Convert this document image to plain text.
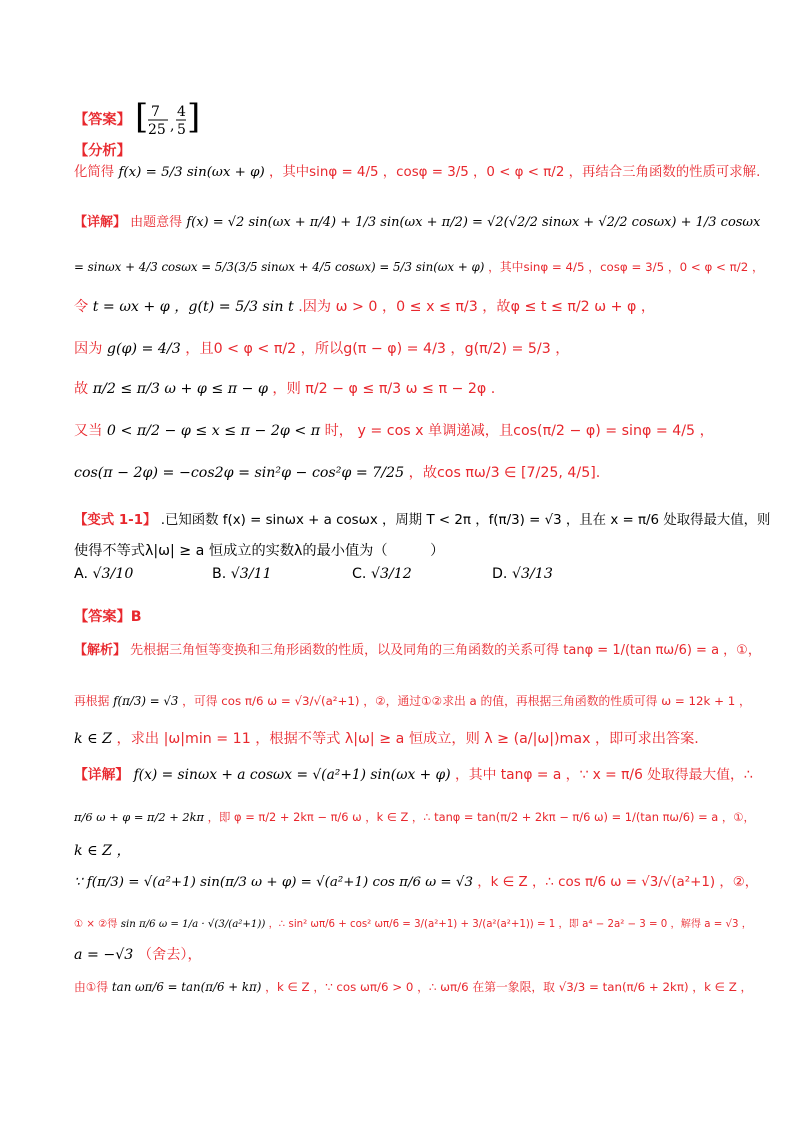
【答案】 [ 7
25 ,
4
5 ]
【分析】
化简得 f(x) = 5/3 sin(ωx + φ) ，其中sinφ = 4/5 ，cosφ = 3/5 ，0 < φ < π/2 ，再结合三角函数的性质可求解.
【详解】 由题意得 f(x) = √2 sin(ωx + π/4) + 1/3 sin(ωx + π/2) = √2(√2/2 sinωx + √2/2 cosωx) + 1/3 cosωx
= sinωx + 4/3 cosωx = 5/3(3/5 sinωx + 4/5 cosωx) = 5/3 sin(ωx + φ) ，其中sinφ = 4/5 ，cosφ = 3/5 ，0 < φ < π/2 ，
令 t = ωx + φ ，g(t) = 5/3 sin t .因为 ω > 0 ，0 ≤ x ≤ π/3 ，故φ ≤ t ≤ π/2 ω + φ ，
因为 g(φ) = 4/3 ，且0 < φ < π/2 ，所以g(π − φ) = 4/3 ，g(π/2) = 5/3 ，
故 π/2 ≤ π/3 ω + φ ≤ π − φ ，则 π/2 − φ ≤ π/3 ω ≤ π − 2φ .
又当 0 < π/2 − φ ≤ x ≤ π − 2φ < π 时， y = cos x 单调递减，且cos(π/2 − φ) = sinφ = 4/5 ，
cos(π − 2φ) = −cos2φ = sin²φ − cos²φ = 7/25 ，故cos πω/3 ∈ [7/25, 4/5].
【变式 1-1】 .已知函数 f(x) = sinωx + a cosωx ，周期 T < 2π ，f(π/3) = √3 ，且在 x = π/6 处取得最大值，则
使得不等式λ|ω| ≥ a 恒成立的实数λ的最小值为（　　　）
A. √3/10	B. √3/11	C. √3/12	D. √3/13
【答案】B
【解析】 先根据三角恒等变换和三角形函数的性质，以及同角的三角函数的关系可得 tanφ = 1/(tan πω/6) = a ，①，
再根据 f(π/3) = √3 ，可得 cos π/6 ω = √3/√(a²+1) ，②，通过①②求出 a 的值，再根据三角函数的性质可得 ω = 12k + 1 ，
k ∈ Z ，求出 |ω|min = 11 ，根据不等式 λ|ω| ≥ a 恒成立，则 λ ≥ (a/|ω|)max ，即可求出答案.
【详解】 f(x) = sinωx + a cosωx = √(a²+1) sin(ωx + φ) ，其中 tanφ = a ，∵ x = π/6 处取得最大值，∴
π/6 ω + φ = π/2 + 2kπ ，即 φ = π/2 + 2kπ − π/6 ω ，k ∈ Z ，∴ tanφ = tan(π/2 + 2kπ − π/6 ω) = 1/(tan πω/6) = a ，①，
k ∈ Z ，
∵ f(π/3) = √(a²+1) sin(π/3 ω + φ) = √(a²+1) cos π/6 ω = √3 ，k ∈ Z ，∴ cos π/6 ω = √3/√(a²+1) ，②，
① × ②得 sin π/6 ω = 1/a · √(3/(a²+1)) ，∴ sin² ωπ/6 + cos² ωπ/6 = 3/(a²+1) + 3/(a²(a²+1)) = 1 ，即 a⁴ − 2a² − 3 = 0 ，解得 a = √3 ，
a = −√3 （舍去），
由①得 tan ωπ/6 = tan(π/6 + kπ) ，k ∈ Z ，∵ cos ωπ/6 > 0 ，∴ ωπ/6 在第一象限，取 √3/3 = tan(π/6 + 2kπ) ，k ∈ Z ，
